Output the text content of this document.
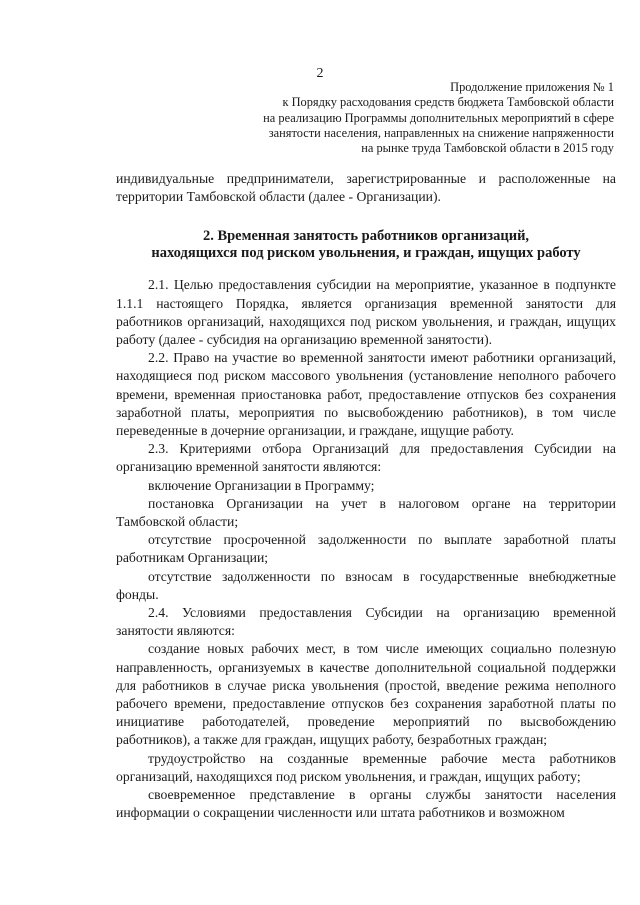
2
Продолжение приложения № 1
к Порядку расходования средств бюджета Тамбовской области
на реализацию Программы дополнительных мероприятий в сфере
занятости населения, направленных на снижение напряженности
на рынке труда Тамбовской области в 2015 году

индивидуальные предприниматели, зарегистрированные и расположенные на территории Тамбовской области (далее - Организации).

2. Временная занятость работников организаций,
находящихся под риском увольнения, и граждан, ищущих работу

2.1. Целью предоставления субсидии на мероприятие, указанное в подпункте 1.1.1 настоящего Порядка, является организация временной занятости для работников организаций, находящихся под риском увольнения, и граждан, ищущих работу (далее - субсидия на организацию временной занятости).

2.2. Право на участие во временной занятости имеют работники организаций, находящиеся под риском массового увольнения (установление неполного рабочего времени, временная приостановка работ, предоставление отпусков без сохранения заработной платы, мероприятия по высвобождению работников), в том числе переведенные в дочерние организации, и граждане, ищущие работу.

2.3. Критериями отбора Организаций для предоставления Субсидии на организацию временной занятости являются:

включение Организации в Программу;

постановка Организации на учет в налоговом органе на территории Тамбовской области;

отсутствие просроченной задолженности по выплате заработной платы работникам Организации;

отсутствие задолженности по взносам в государственные внебюджетные фонды.

2.4. Условиями предоставления Субсидии на организацию временной занятости являются:

создание новых рабочих мест, в том числе имеющих социально полезную направленность, организуемых в качестве дополнительной социальной поддержки для работников в случае риска увольнения (простой, введение режима неполного рабочего времени, предоставление отпусков без сохранения заработной платы по инициативе работодателей, проведение мероприятий по высвобождению работников), а также для граждан, ищущих работу, безработных граждан;

трудоустройство на созданные временные рабочие места работников организаций, находящихся под риском увольнения, и граждан, ищущих работу;

своевременное представление в органы службы занятости населения информации о сокращении численности или штата работников и возможном
